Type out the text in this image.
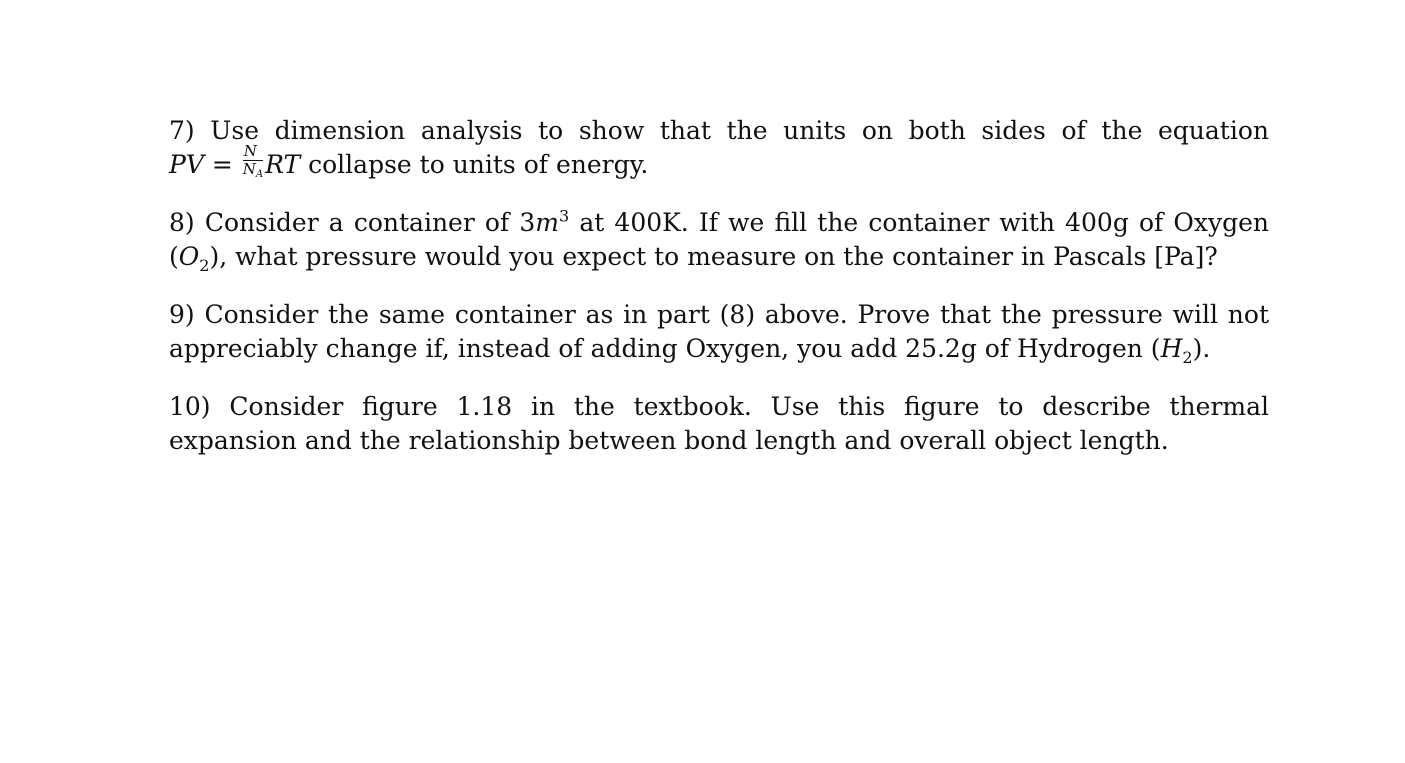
7) Use dimension analysis to show that the units on both sides of the equation PV = $\frac{N}{N_A}$ RT collapse to units of energy.

8) Consider a container of $3m^3$ at 400K. If we fill the container with 400g of Oxygen $(O_2)$, what pressure would you expect to measure on the container in Pascals [Pa]?

9) Consider the same container as in part (8) above. Prove that the pressure will not appreciably change if, instead of adding Oxygen, you add 25.2g of Hydrogen $(H_2)$.

10) Consider figure 1.18 in the textbook. Use this figure to describe thermal expansion and the relationship between bond length and overall object length.
